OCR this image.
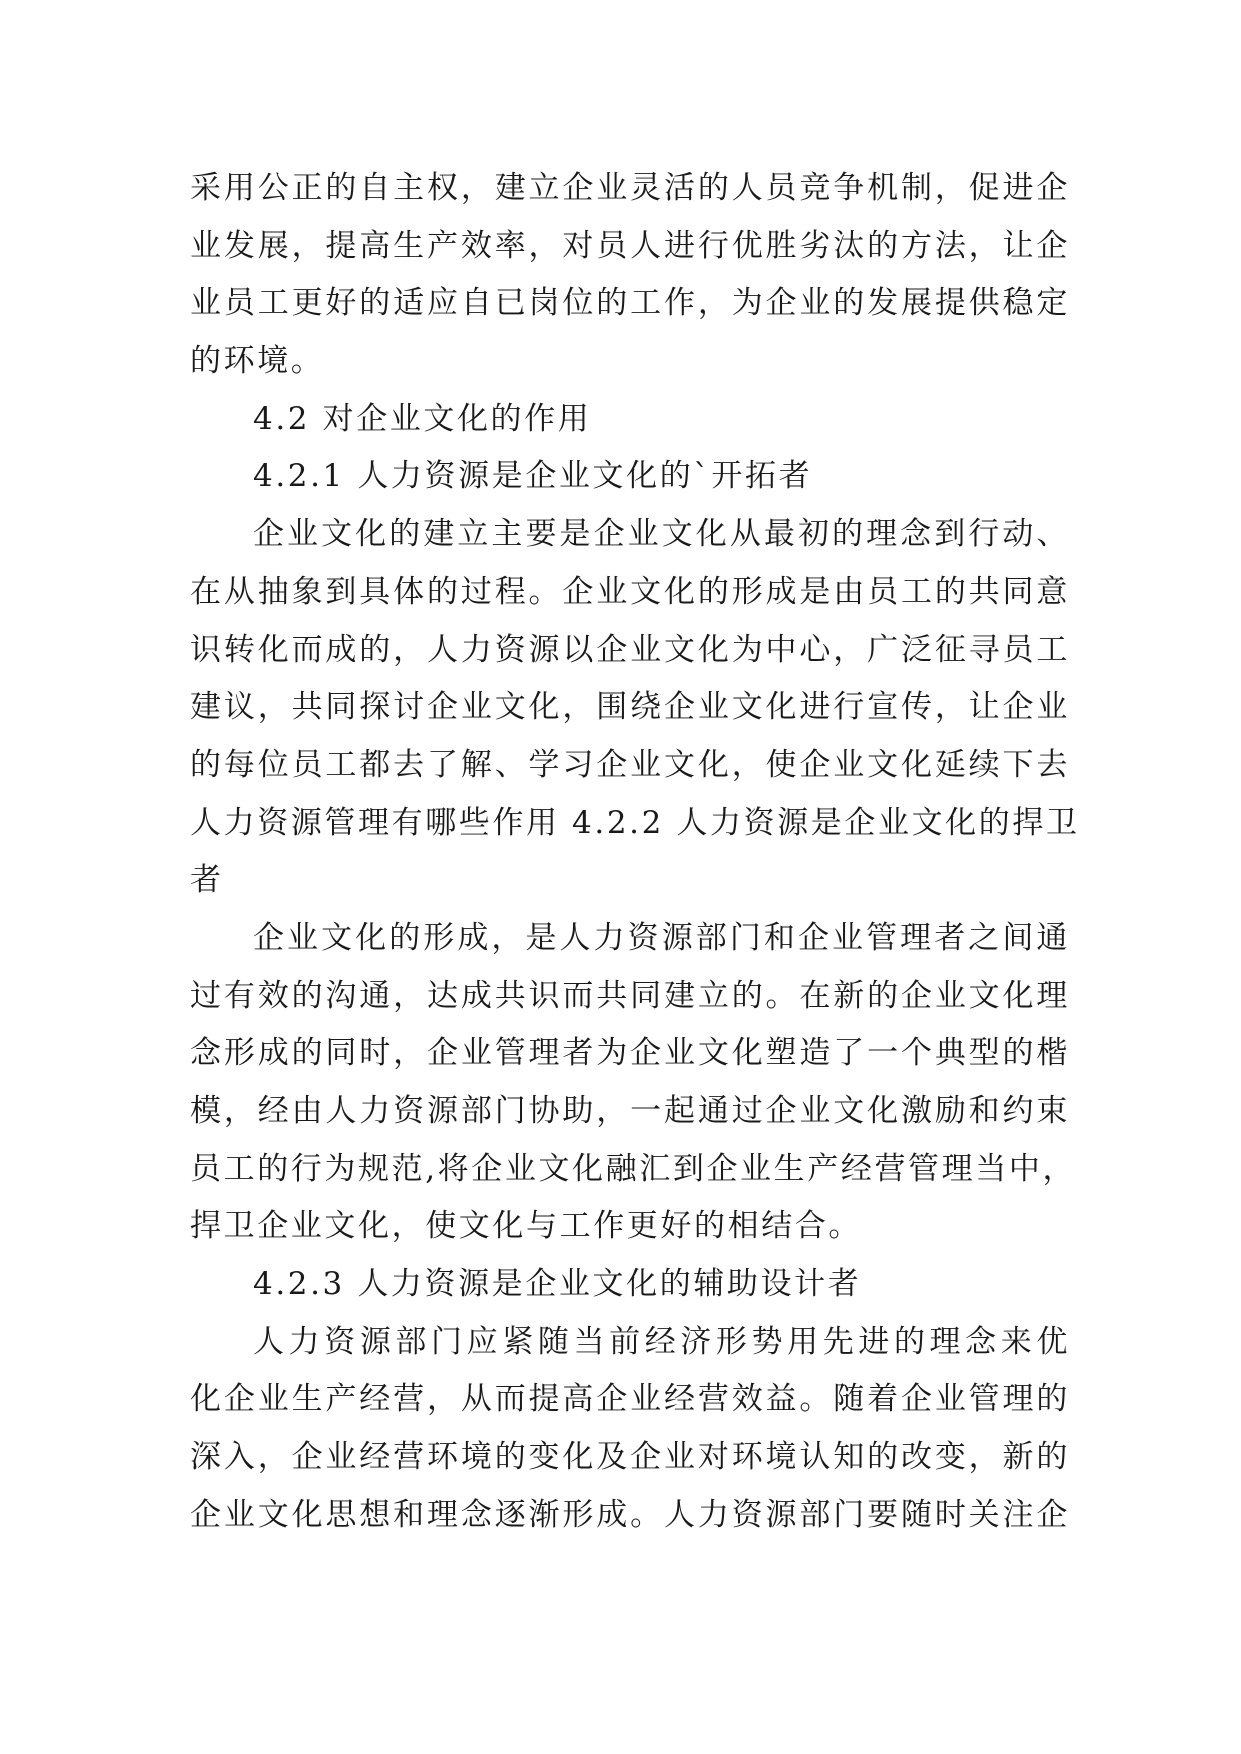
采用公正的自主权，建立企业灵活的人员竞争机制，促进企
业发展，提高生产效率，对员人进行优胜劣汰的方法，让企
业员工更好的适应自已岗位的工作，为企业的发展提供稳定
的环境。
4.2 对企业文化的作用
4.2.1 人力资源是企业文化的`开拓者
企业文化的建立主要是企业文化从最初的理念到行动、
在从抽象到具体的过程。企业文化的形成是由员工的共同意
识转化而成的，人力资源以企业文化为中心，广泛征寻员工
建议，共同探讨企业文化，围绕企业文化进行宣传，让企业
的每位员工都去了解、学习企业文化，使企业文化延续下去
人力资源管理有哪些作用 4.2.2 人力资源是企业文化的捍卫
者
企业文化的形成，是人力资源部门和企业管理者之间通
过有效的沟通，达成共识而共同建立的。在新的企业文化理
念形成的同时，企业管理者为企业文化塑造了一个典型的楷
模，经由人力资源部门协助，一起通过企业文化激励和约束
员工的行为规范,将企业文化融汇到企业生产经营管理当中，
捍卫企业文化，使文化与工作更好的相结合。
4.2.3 人力资源是企业文化的辅助设计者
人力资源部门应紧随当前经济形势用先进的理念来优
化企业生产经营，从而提高企业经营效益。随着企业管理的
深入，企业经营环境的变化及企业对环境认知的改变，新的
企业文化思想和理念逐渐形成。人力资源部门要随时关注企
